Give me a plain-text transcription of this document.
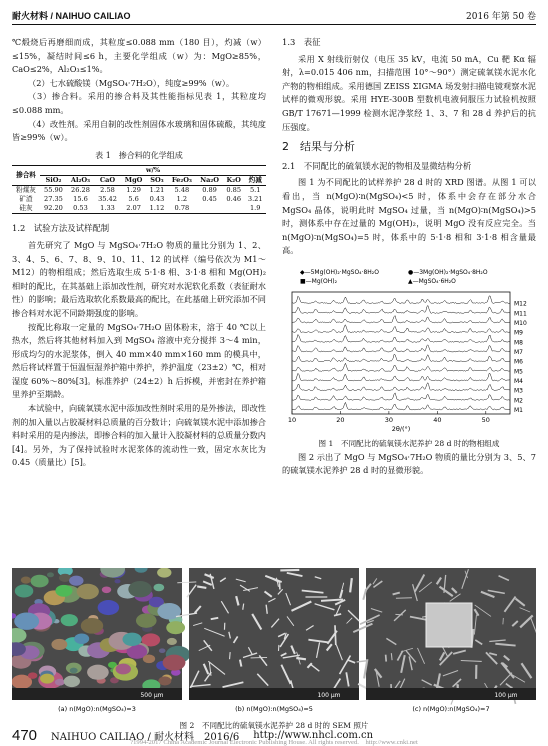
耐火材料 / NAIHUO CAILIAO	2016 年第 50 卷

℃煅烧后再磨细而成，其粒度≤0.088 mm（180 目），灼减（w）≤15%，凝结时间≤6 h，主要化学组成（w）为：MgO≥85%，CaO≤2%，Al₂O₃≤1%。

（2）七水硫酸镁（MgSO₄·7H₂O），纯度≥99%（w）。

（3）掺合料。采用的掺合料及其性能指标见表 1，其粒度均≤0.088 mm。

（4）改性剂。采用自制的改性剂固体水玻璃和固体硫酸，其纯度皆≥99%（w）。

表 1　掺合料的化学组成
掺合料	w/%								
	SiO₂	Al₂O₃	CaO	MgO	SO₃	Fe₂O₃	Na₂O	K₂O	灼减
粉煤灰	55.90	26.28	2.58	1.29	1.21	5.48	0.89	0.85	5.1
矿渣	27.35	15.6	35.42	5.6	0.43	1.2	0.45	0.46	3.21
硅灰	92.20	0.53	1.33	2.07	1.12	0.78			1.9
1.2　试验方法及试样配制

首先研究了 MgO 与 MgSO₄·7H₂O 物质的量比分别为 1、2、3、4、5、6、7、8、9、10、11、12 的试样（编号依次为 M1～M12）的物相组成；然后选取生成 5·1·8 相、3·1·8 相和 Mg(OH)₂ 相时的配比，在其基础上添加改性剂，研究对水泥软化系数（表征耐水性）的影响；最后选取软化系数最高的配比，在此基础上研究添加不同掺合料对水泥不同龄期强度的影响。

按配比称取一定量的 MgSO₄·7H₂O 固体粉末，溶于 40 ℃以上热水，然后将其他材料加入到 MgSO₄ 溶液中充分搅拌 3～4 min，形成均匀的水泥浆体，倒入 40 mm×40 mm×160 mm 的模具中，然后将试样置于恒温恒湿养护箱中养护，养护温度（23±2）℃，相对湿度 60%～80%[3]。标准养护（24±2）h 后拆模，并密封在养护箱里养护至期龄。

本试验中，向硫氧镁水泥中添加改性剂时采用的是外掺法，即改性剂的加入量以占胶凝材料总质量的百分数计；向硫氧镁水泥中添加掺合料时采用的是内掺法，即掺合料的加入量计入胶凝材料的总质量分数内[4]。另外，为了保持试验时水泥浆体的流动性一致，固定水灰比为 0.45（质量比）[5]。

1.3　表征

采用 X 射线衍射仪（电压 35 kV，电流 50 mA，Cu 靶 Kα 辐射，λ=0.015 406 nm，扫描范围 10°～90°）测定硫氧镁水泥水化产物的物相组成。采用德国 ZEISS ΣIGMA 场发射扫描电镜观察水泥试样的微观形貌。采用 HYE-300B 型数机电液伺服压力试验机按照 GB/T 17671—1999 检测水泥净浆经 1、3、7 和 28 d 养护后的抗压强度。

2　结果与分析
2.1　不同配比的硫氧镁水泥的物相及显微结构分析

图 1 为不同配比的试样养护 28 d 时的 XRD 图谱。从图 1 可以看出，当 n(MgO)∶n(MgSO₄)<5 时，体系中会存在部分水合 MgSO₄ 晶体，说明此时 MgSO₄ 过量，当 n(MgO)∶n(MgSO₄)>5 时，测体系中存在过量的 Mg(OH)₂，说明 MgO 没有反应完全。当 n(MgO)∶n(MgSO₄)=5 时，体系中的 5·1·8 相和 3·1·8 相含量最高。

◆—5Mg(OH)₂·MgSO₄·8H₂O	●—3Mg(OH)₂·MgSO₄·8H₂O
■—Mg(OH)₂	▲—MgSO₄·6H₂O
M1
M2
M3
M4
M5
M6
M7
M8
M9
M10
M11
M12
10	20	30	40	50
2θ/(°)
图 1　不同配比的硫氧镁水泥养护 28 d 时的物相组成

图 2 示出了 MgO 与 MgSO₄·7H₂O 物质的量比分别为 3、5、7 的硫氧镁水泥养护 28 d 时的显微形貌。

500 μm
(a) n(MgO):n(MgSO₄)=3
100 μm
(b) n(MgO):n(MgSO₄)=5
100 μm
(c) n(MgO):n(MgSO₄)=7
图 2　不同配比的硫氧镁水泥养护 28 d 时的 SEM 照片
470 NAIHUO CAILIAO / 耐火材料　2016/6 http://www.nhcl.com.cn
?1994-2017 China Academic Journal Electronic Publishing House. All rights reserved.　http://www.cnki.net
